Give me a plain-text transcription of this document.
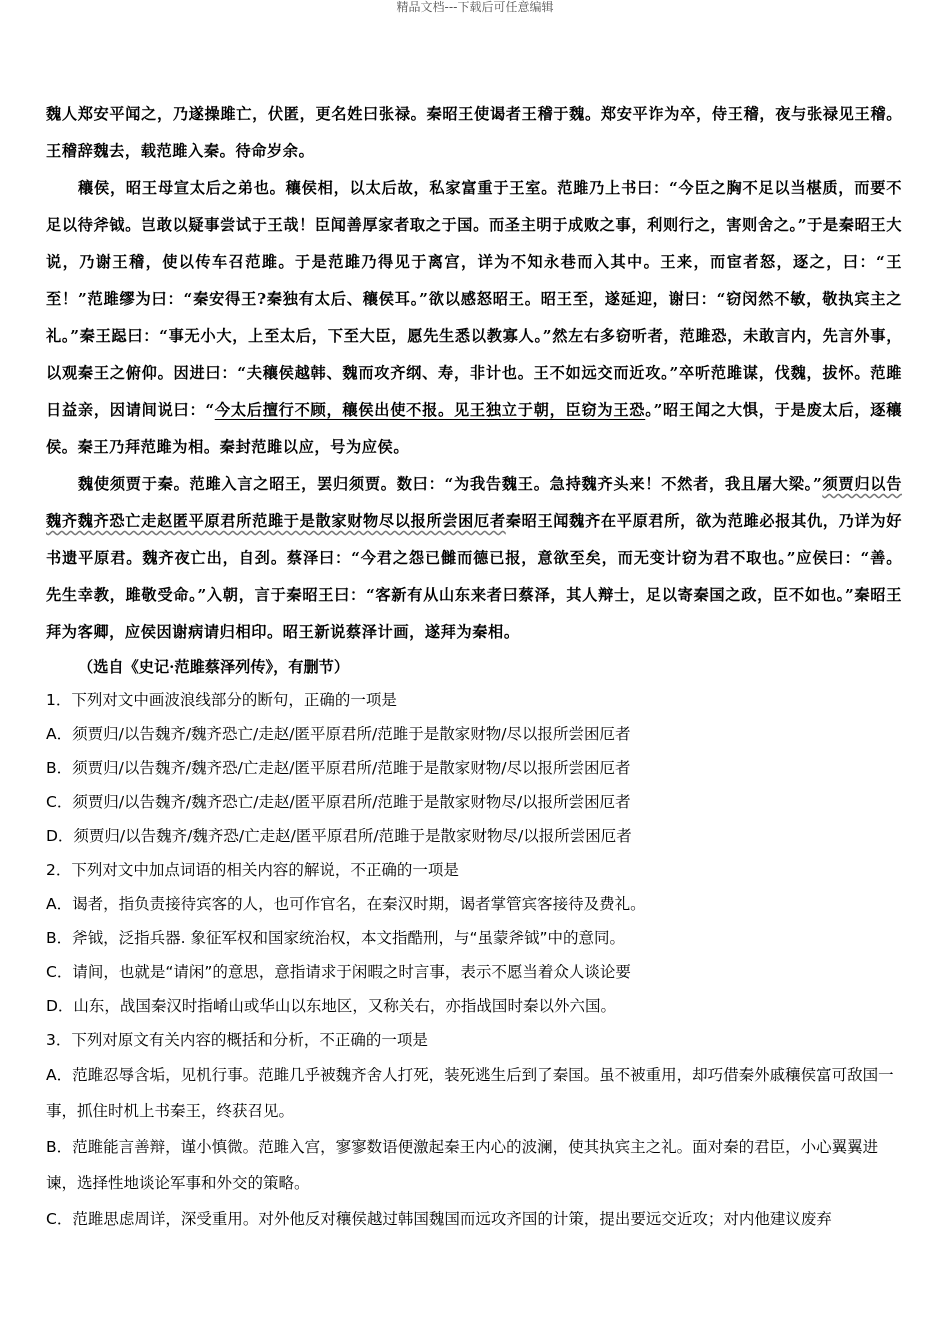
精品文档---下载后可任意编辑

魏人郑安平闻之，乃遂操雎亡，伏匿，更名姓曰张禄。秦昭王使谒者王稽于魏。郑安平诈为卒，侍王稽，夜与张禄见王稽。王稽辞魏去，载范雎入秦。待命岁余。

穰侯，昭王母宣太后之弟也。穰侯相，以太后故，私家富重于王室。范雎乃上书曰：“今臣之胸不足以当椹质，而要不足以待斧钺。岂敢以疑事尝试于王哉！臣闻善厚家者取之于国。而圣主明于成败之事，利则行之，害则舍之。”于是秦昭王大说，乃谢王稽，使以传车召范雎。于是范雎乃得见于离宫，详为不知永巷而入其中。王来，而宦者怒，逐之，曰：“王至！”范雎缪为曰：“秦安得王?秦独有太后、穰侯耳。”欲以感怒昭王。昭王至，遂延迎，谢曰：“窃闵然不敏，敬执宾主之礼。”秦王跽曰：“事无小大，上至太后，下至大臣，愿先生悉以教寡人。”然左右多窃听者，范雎恐，未敢言内，先言外事，以观秦王之俯仰。因进曰：“夫穰侯越韩、魏而攻齐纲、寿，非计也。王不如远交而近攻。”卒听范雎谋，伐魏，拔怀。范雎日益亲，因请间说曰：“今太后擅行不顾，穰侯出使不报。见王独立于朝，臣窃为王恐。”昭王闻之大惧，于是废太后，逐穰侯。秦王乃拜范雎为相。秦封范雎以应，号为应侯。

魏使须贾于秦。范雎入言之昭王，罢归须贾。数曰：“为我告魏王。急持魏齐头来！不然者，我且屠大梁。”须贾归以告魏齐魏齐恐亡走赵匿平原君所范雎于是散家财物尽以报所尝困厄者秦昭王闻魏齐在平原君所，欲为范雎必报其仇，乃详为好书遗平原君。魏齐夜亡出，自刭。蔡泽曰：“今君之怨已雠而德已报，意欲至矣，而无变计窃为君不取也。”应侯曰：“善。先生幸教，雎敬受命。”入朝，言于秦昭王曰：“客新有从山东来者曰蔡泽，其人辩士，足以寄秦国之政，臣不如也。”秦昭王拜为客卿，应侯因谢病请归相印。昭王新说蔡泽计画，遂拜为秦相。

（选自《史记·范雎蔡泽列传》，有删节）

1．下列对文中画波浪线部分的断句，正确的一项是

A．须贾归/以告魏齐/魏齐恐亡/走赵/匿平原君所/范雎于是散家财物/尽以报所尝困厄者

B．须贾归/以告魏齐/魏齐恐/亡走赵/匿平原君所/范雎于是散家财物/尽以报所尝困厄者

C．须贾归/以告魏齐/魏齐恐亡/走赵/匿平原君所/范雎于是散家财物尽/以报所尝困厄者

D．须贾归/以告魏齐/魏齐恐/亡走赵/匿平原君所/范雎于是散家财物尽/以报所尝困厄者

2．下列对文中加点词语的相关内容的解说，不正确的一项是

A．谒者，指负责接待宾客的人，也可作官名，在秦汉时期，谒者掌管宾客接待及费礼。

B．斧钺，泛指兵器. 象征军权和国家统治权，本文指酷刑，与“虽蒙斧钺”中的意同。

C．请间，也就是“请闲”的意思，意指请求于闲暇之时言事，表示不愿当着众人谈论要

D．山东，战国秦汉时指崤山或华山以东地区，又称关右，亦指战国时秦以外六国。

3．下列对原文有关内容的概括和分析，不正确的一项是

A．范雎忍辱含垢，见机行事。范雎几乎被魏齐舍人打死，装死逃生后到了秦国。虽不被重用，却巧借秦外戚穰侯富可敌国一事，抓住时机上书秦王，终获召见。

B．范雎能言善辩，谨小慎微。范雎入宫，寥寥数语便激起秦王内心的波澜，使其执宾主之礼。面对秦的君臣，小心翼翼进谏，选择性地谈论军事和外交的策略。

C．范雎思虑周详，深受重用。对外他反对穰侯越过韩国魏国而远攻齐国的计策，提出要远交近攻；对内他建议废弃
